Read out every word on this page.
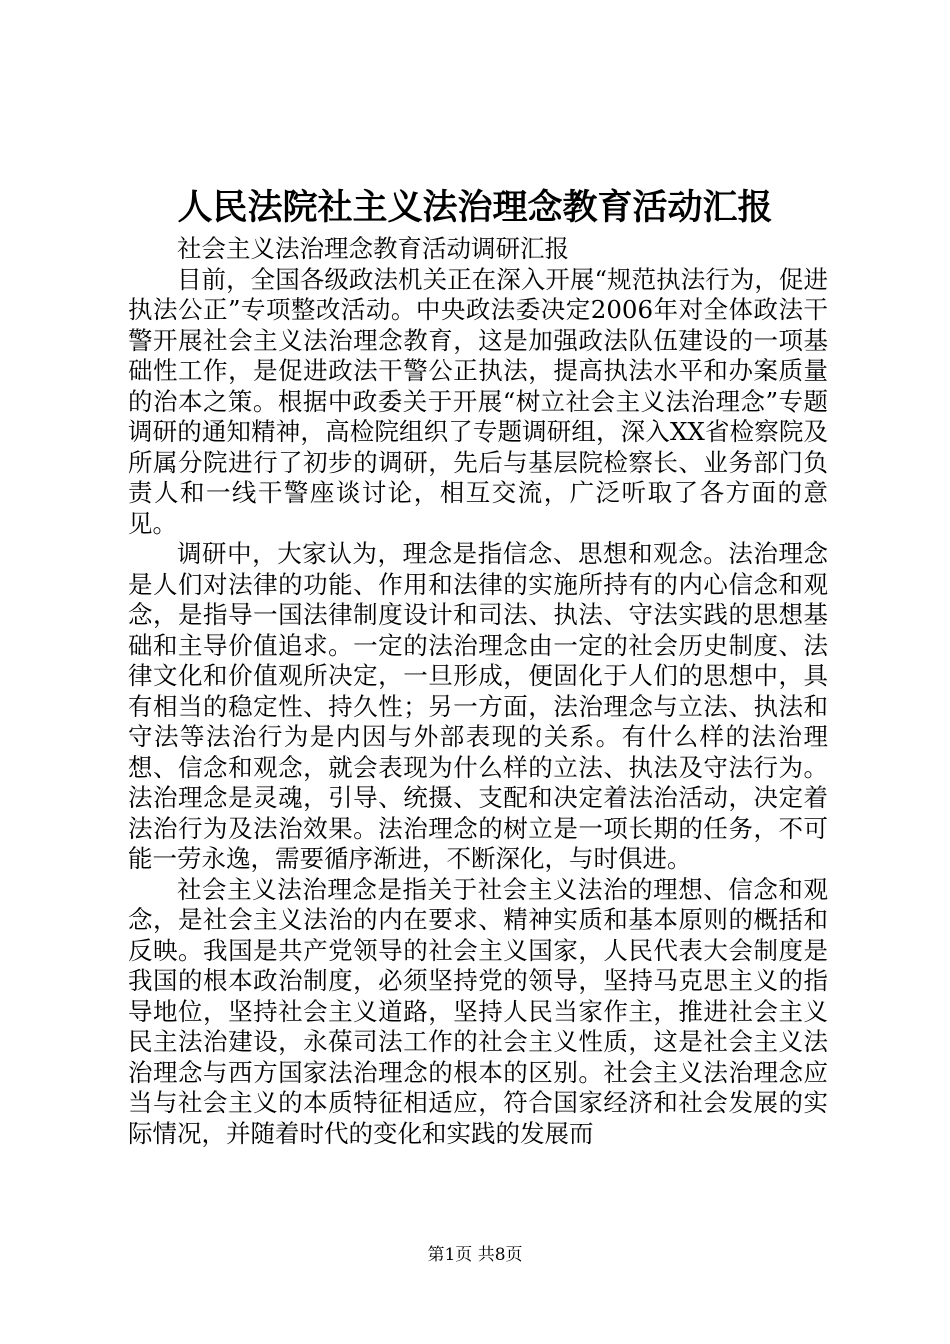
人民法院社主义法治理念教育活动汇报

社会主义法治理念教育活动调研汇报

目前，全国各级政法机关正在深入开展“规范执法行为，促进执法公正”专项整改活动。中央政法委决定2006年对全体政法干警开展社会主义法治理念教育，这是加强政法队伍建设的一项基础性工作，是促进政法干警公正执法，提高执法水平和办案质量的治本之策。根据中政委关于开展“树立社会主义法治理念”专题调研的通知精神，高检院组织了专题调研组，深入XX省检察院及所属分院进行了初步的调研，先后与基层院检察长、业务部门负责人和一线干警座谈讨论，相互交流，广泛听取了各方面的意见。

调研中，大家认为，理念是指信念、思想和观念。法治理念是人们对法律的功能、作用和法律的实施所持有的内心信念和观念，是指导一国法律制度设计和司法、执法、守法实践的思想基础和主导价值追求。一定的法治理念由一定的社会历史制度、法律文化和价值观所决定，一旦形成，便固化于人们的思想中，具有相当的稳定性、持久性；另一方面，法治理念与立法、执法和守法等法治行为是内因与外部表现的关系。有什么样的法治理想、信念和观念，就会表现为什么样的立法、执法及守法行为。法治理念是灵魂，引导、统摄、支配和决定着法治活动，决定着法治行为及法治效果。法治理念的树立是一项长期的任务，不可能一劳永逸，需要循序渐进，不断深化，与时俱进。

社会主义法治理念是指关于社会主义法治的理想、信念和观念，是社会主义法治的内在要求、精神实质和基本原则的概括和反映。我国是共产党领导的社会主义国家，人民代表大会制度是我国的根本政治制度，必须坚持党的领导，坚持马克思主义的指导地位，坚持社会主义道路，坚持人民当家作主，推进社会主义民主法治建设，永葆司法工作的社会主义性质，这是社会主义法治理念与西方国家法治理念的根本的区别。社会主义法治理念应当与社会主义的本质特征相适应，符合国家经济和社会发展的实际情况，并随着时代的变化和实践的发展而

第1页 共8页
